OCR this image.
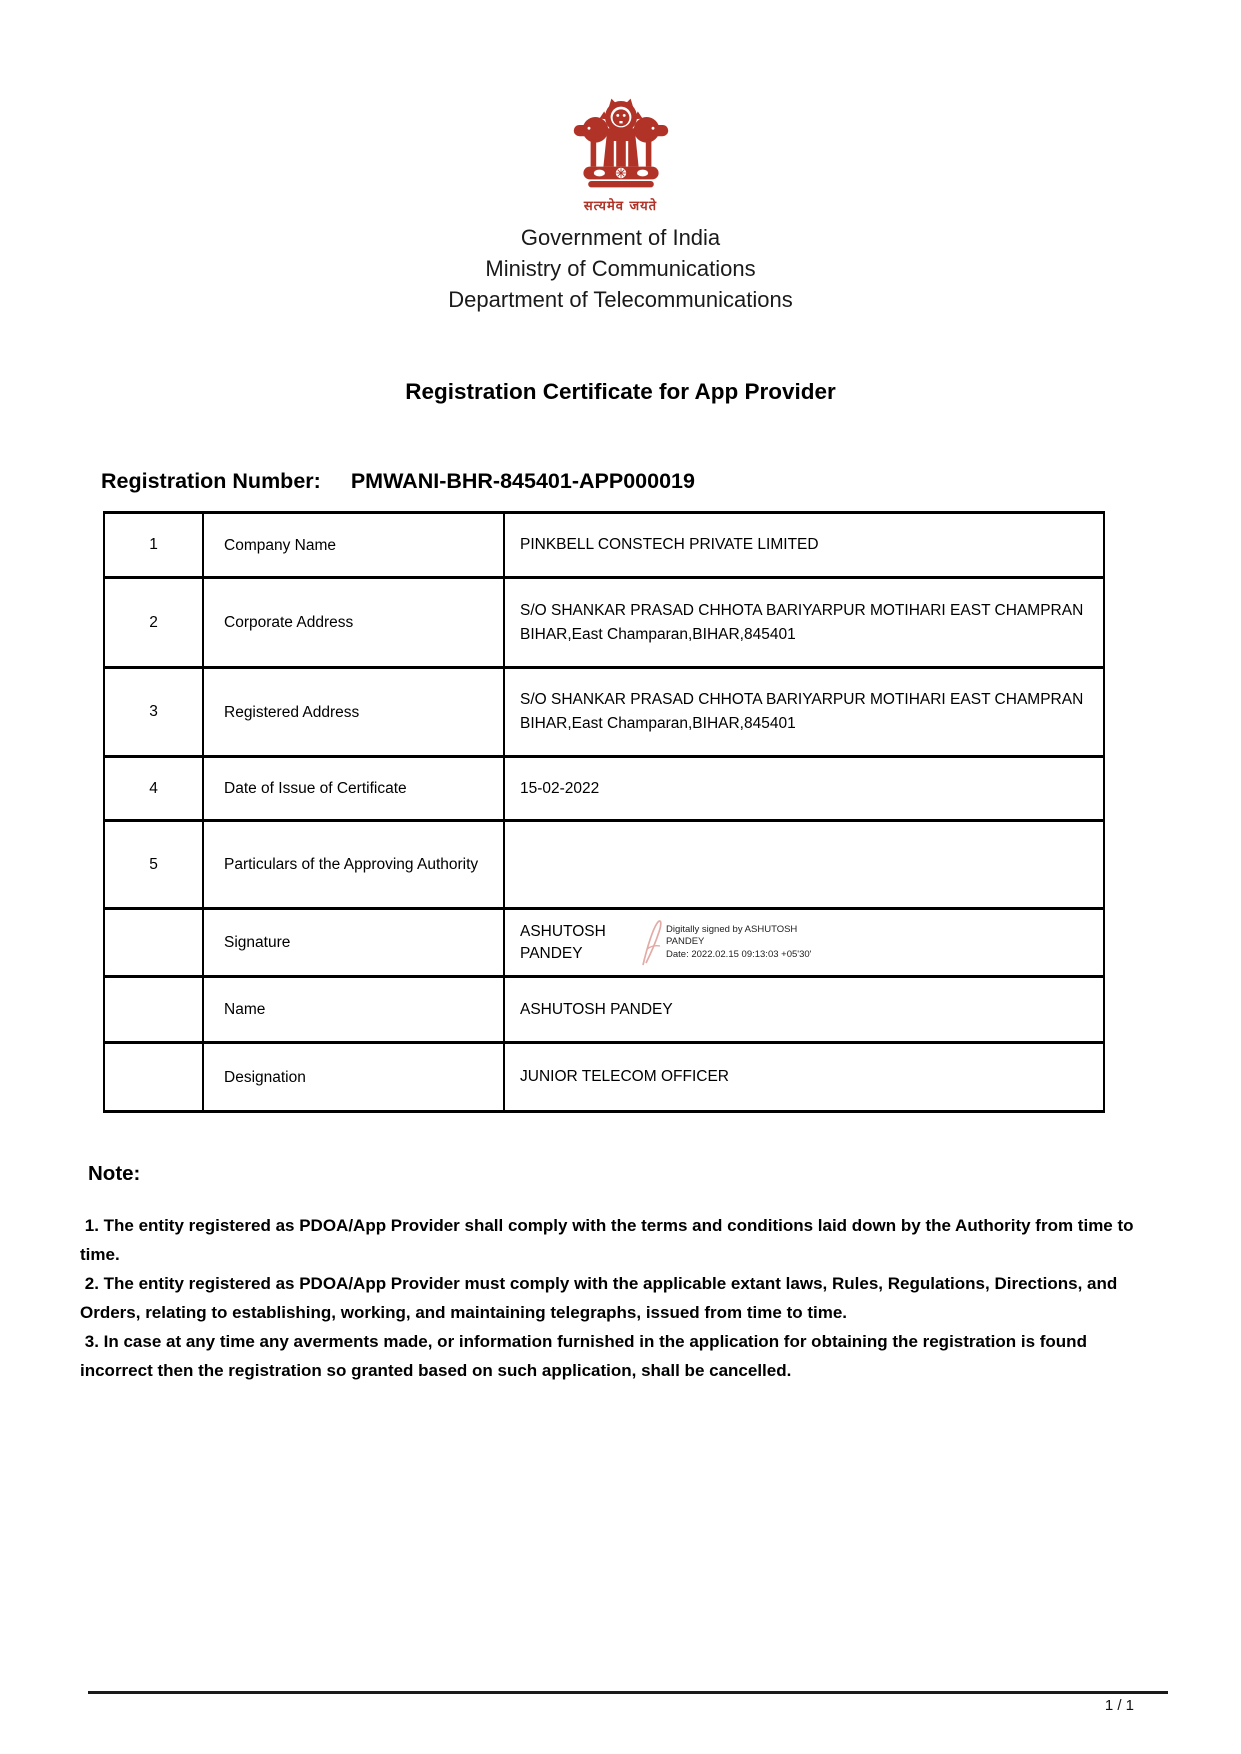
सत्यमेव जयते
Government of India
Ministry of Communications
Department of Telecommunications
Registration Certificate for App Provider
Registration Number: PMWANI-BHR-845401-APP000019
1	Company Name	PINKBELL CONSTECH PRIVATE LIMITED
2	Corporate Address	S/O SHANKAR PRASAD CHHOTA BARIYARPUR MOTIHARI EAST CHAMPRAN BIHAR,East Champaran,BIHAR,845401
3	Registered Address	S/O SHANKAR PRASAD CHHOTA BARIYARPUR MOTIHARI EAST CHAMPRAN BIHAR,East Champaran,BIHAR,845401
4	Date of Issue of Certificate	15-02-2022
5	Particulars of the Approving Authority	
	Signature	ASHUTOSH
PANDEY
Digitally signed by ASHUTOSH
PANDEY
Date: 2022.02.15 09:13:03 +05'30'

	Name	ASHUTOSH PANDEY
	Designation	JUNIOR TELECOM OFFICER
Note:
1. The entity registered as PDOA/App Provider shall comply with the terms and conditions laid down by the Authority from time to time.
2. The entity registered as PDOA/App Provider must comply with the applicable extant laws, Rules, Regulations, Directions, and Orders, relating to establishing, working, and maintaining telegraphs, issued from time to time.
3. In case at any time any averments made, or information furnished in the application for obtaining the registration is found incorrect then the registration so granted based on such application, shall be cancelled.
1 / 1
